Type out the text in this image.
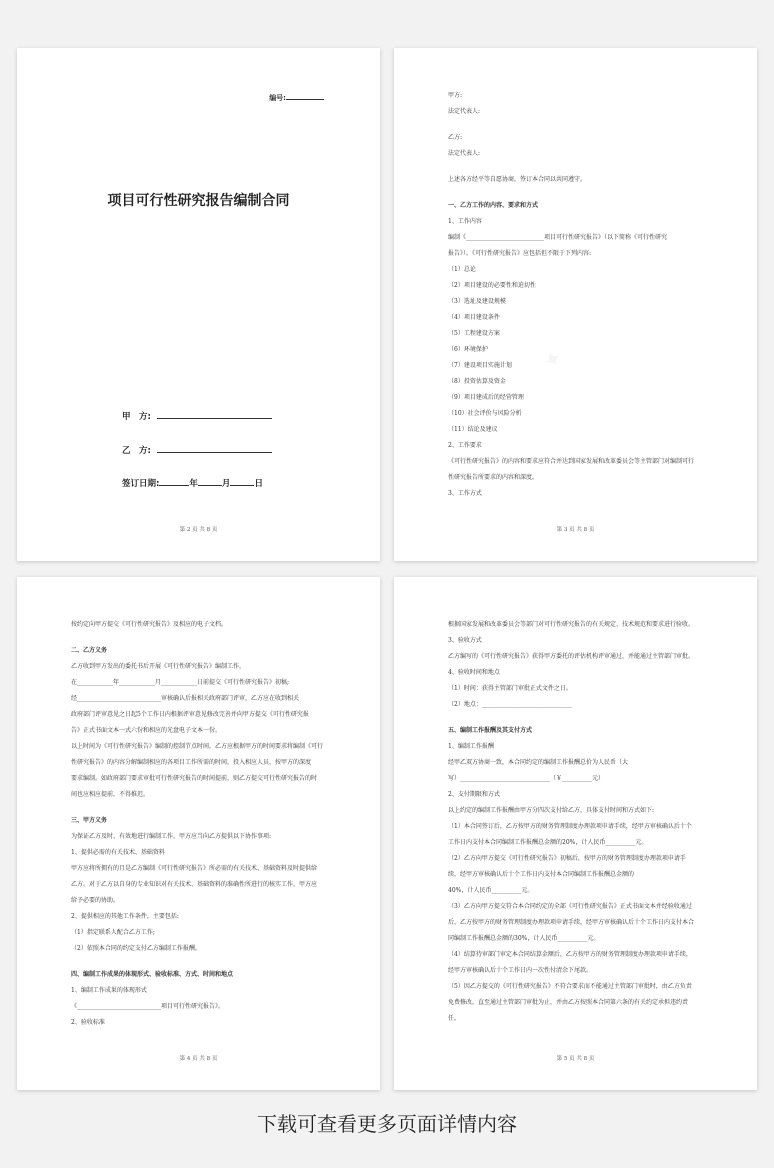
编号:
项目可行性研究报告编制合同
甲　方:
乙　方:
签订日期:	年	月	日
第 2 页 共 8 页
甲方:
法定代表人:
乙方:
法定代表人:
上述各方经平等自愿协商，签订本合同以共同遵守。
一、乙方工作的内容、要求和方式
1、工作内容
编制《__________________________项目可行性研究报告》（以下简称《可行性研究
报告》）。《可行性研究报告》应包括但不限于下列内容:
（1）总论
（2）项目建设的必要性和迫切性
（3）选址及建设规模
（4）项目建设条件
（5）工程建设方案
（6）环境保护
（7）建设项目实施计划
（8）投资估算及资金
（9）项目建成后的经营管理
（10）社会评价与风险分析
（11）结论及建议
2、工作要求
《可行性研究报告》的内容和要求应符合并达到国家发展和改革委员会等主管部门对编制可行
性研究报告所要求的内容和深度。
3、工作方式
第 3 页 共 8 页
按约定向甲方提交《可行性研究报告》及相应的电子文档。
二、乙方义务
乙方收到甲方发出的委托书后开展《可行性研究报告》编制工作，
在____________年____________月____________日前提交《可行性研究报告》初稿;
经____________________________审核确认后报相关政府部门评审，乙方应在收到相关
政府部门评审意见之日起5个工作日内根据评审意见修改完善并向甲方提交《可行性研究报
告》正式书面文本一式六份和相应的光盘电子文本一份。
以上时间为《可行性研究报告》编制的控制节点时间，乙方应根据甲方的时间要求将编制《可行
性研究报告》的内容分解编制相应的各项目工作所需的时间，投入相应人员，按甲方的深度
要求编制。如政府部门要求审批可行性研究报告的时间提前，则乙方提交可行性研究报告的时
间也应相应提前，不得推迟。
三、甲方义务
为保证乙方及时、有效地进行编制工作，甲方应当向乙方提供以下协作事项:
1、提供必需的有关技术、基础资料
甲方应将所拥有的且是乙方编制《可行性研究报告》所必需的有关技术、基础资料及时提供给
乙方。对于乙方以自身的专业知识对有关技术、基础资料的准确性所进行的核实工作，甲方应
给予必要的协助。
2、提供相应的其他工作条件，主要包括:
（1）指定联系人配合乙方工作;
（2）依照本合同的约定支付乙方编制工作报酬。
四、编制工作成果的体现形式、验收标准、方式、时间和地点
1、编制工作成果的体现形式
《____________________________项目可行性研究报告》。
2、验收标准
第 4 页 共 8 页
根据国家发展和改革委员会等部门对可行性研究报告的有关规定、技术规范和要求进行验收。
3、验收方式
乙方编写的《可行性研究报告》获得甲方委托的评估机构评审通过，并能通过主管部门审批。
4、验收时间和地点
（1）时间：获得主管部门审批正式文件之日。
（2）地点：______________________________
五、编制工作报酬及其支付方式
1、编制工作报酬
经甲乙双方协商一致，本合同约定的编制工作报酬总价为人民币（大
写）______________________________（￥__________元）
2、支付期限和方式
以上约定的编制工作报酬由甲方分四次支付给乙方，具体支付时间和方式如下:
（1）本合同签订后，乙方按甲方的财务管理制度办理款项申请手续，经甲方审核确认后十个
工作日内支付本合同编制工作报酬总金额的20%，计人民币__________元。
（2）乙方向甲方提交《可行性研究报告》初稿后，按甲方的财务管理制度办理款项申请手
续，经甲方审核确认后十个工作日内支付本合同编制工作报酬总金额的
40%，计人民币__________元。
（3）乙方向甲方提交符合本合同约定的全部《可行性研究报告》正式书面文本并经验收通过
后，乙方按甲方的财务管理制度办理款项申请手续，经甲方审核确认后十个工作日内支付本合
同编制工作报酬总金额的30%，计人民币__________元。
（4）结算待审部门审定本合同结算金额后，乙方按甲方的财务管理制度办理款项申请手续，
经甲方审核确认后十个工作日内一次性付清余下尾款。
（5）因乙方提交的《可行性研究报告》不符合要求而不能通过主管部门审批时，由乙方负责
免费修改，直至通过主管部门审批为止，并由乙方按照本合同第六条的有关约定承担违约责
任。
第 5 页 共 8 页
下载可查看更多页面详情内容
